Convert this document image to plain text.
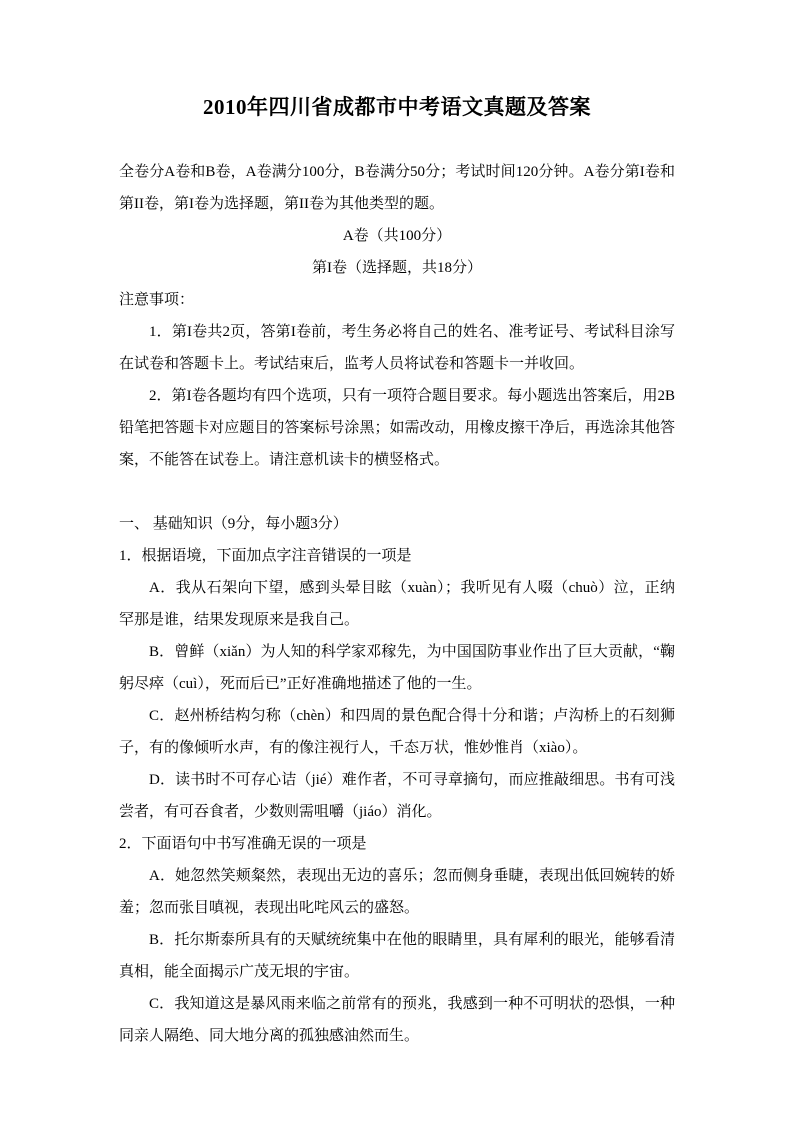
2010年四川省成都市中考语文真题及答案

全卷分A卷和B卷，A卷满分100分，B卷满分50分；考试时间120分钟。A卷分第I卷和第II卷，第I卷为选择题，第II卷为其他类型的题。

A卷（共100分）

第I卷（选择题，共18分）

注意事项：

1．第I卷共2页，答第I卷前，考生务必将自己的姓名、准考证号、考试科目涂写在试卷和答题卡上。考试结束后，监考人员将试卷和答题卡一并收回。

2．第I卷各题均有四个选项，只有一项符合题目要求。每小题选出答案后，用2B铅笔把答题卡对应题目的答案标号涂黑；如需改动，用橡皮擦干净后，再选涂其他答案，不能答在试卷上。请注意机读卡的横竖格式。

一、 基础知识（9分，每小题3分）

1．根据语境，下面加点字注音错误的一项是

A．我从石架向下望，感到头晕目眩（xuàn）；我听见有人啜（chuò）泣，正纳罕那是谁，结果发现原来是我自己。

B．曾鲜（xiǎn）为人知的科学家邓稼先，为中国国防事业作出了巨大贡献，“鞠躬尽瘁（cuì），死而后已”正好准确地描述了他的一生。

C．赵州桥结构匀称（chèn）和四周的景色配合得十分和谐；卢沟桥上的石刻狮子，有的像倾听水声，有的像注视行人，千态万状，惟妙惟肖（xiào）。

D．读书时不可存心诘（jié）难作者，不可寻章摘句，而应推敲细思。书有可浅尝者，有可吞食者，少数则需咀嚼（jiáo）消化。

2．下面语句中书写准确无误的一项是

A．她忽然笑颊粲然，表现出无边的喜乐；忽而侧身垂睫，表现出低回婉转的娇羞；忽而张目嗔视，表现出叱咤风云的盛怒。

B．托尔斯泰所具有的天赋统统集中在他的眼睛里，具有犀利的眼光，能够看清真相，能全面揭示广茂无垠的宇宙。

C．我知道这是暴风雨来临之前常有的预兆，我感到一种不可明状的恐惧，一种同亲人隔绝、同大地分离的孤独感油然而生。
